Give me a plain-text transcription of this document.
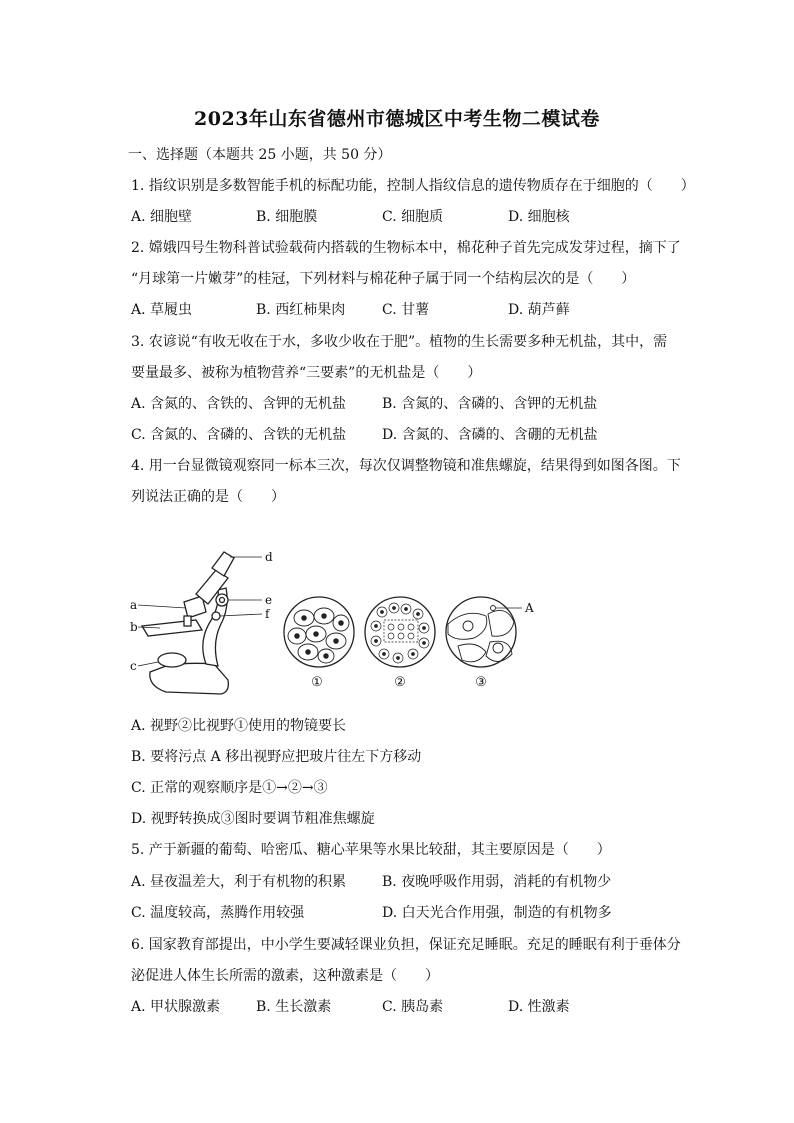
2023年山东省德州市德城区中考生物二模试卷
一、选择题（本题共 25 小题，共 50 分）
1. 指纹识别是多数智能手机的标配功能，控制人指纹信息的遗传物质存在于细胞的（　　）
A. 细胞壁	B. 细胞膜	C. 细胞质	D. 细胞核
2. 嫦娥四号生物科普试验载荷内搭载的生物标本中，棉花种子首先完成发芽过程，摘下了
“月球第一片嫩芽”的桂冠，下列材料与棉花种子属于同一个结构层次的是（　　）
A. 草履虫	B. 西红柿果肉	C. 甘薯	D. 葫芦藓
3. 农谚说“有收无收在于水，多收少收在于肥”。植物的生长需要多种无机盐，其中，需
要量最多、被称为植物营养“三要素”的无机盐是（　　）
A. 含氮的、含铁的、含钾的无机盐	B. 含氮的、含磷的、含钾的无机盐
C. 含氮的、含磷的、含铁的无机盐	D. 含氮的、含磷的、含硼的无机盐
4. 用一台显微镜观察同一标本三次，每次仅调整物镜和准焦螺旋，结果得到如图各图。下
列说法正确的是（　　）
a
b
c
d
e
f	A
①	②	③
A. 视野②比视野①使用的物镜要长
B. 要将污点 A 移出视野应把玻片往左下方移动
C. 正常的观察顺序是①→②→③
D. 视野转换成③图时要调节粗准焦螺旋
5. 产于新疆的葡萄、哈密瓜、糖心苹果等水果比较甜，其主要原因是（　　）
A. 昼夜温差大，利于有机物的积累	B. 夜晚呼吸作用弱，消耗的有机物少
C. 温度较高，蒸腾作用较强	D. 白天光合作用强，制造的有机物多
6. 国家教育部提出，中小学生要减轻课业负担，保证充足睡眠。充足的睡眠有利于垂体分
泌促进人体生长所需的激素，这种激素是（　　）
A. 甲状腺激素	B. 生长激素	C. 胰岛素	D. 性激素
